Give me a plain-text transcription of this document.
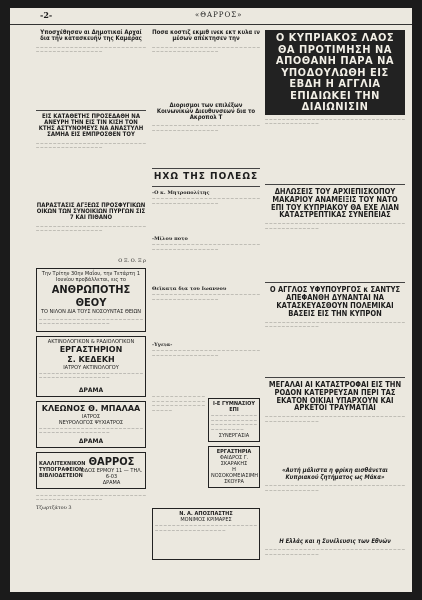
-2-	«ΘΑΡΡΟΣ»
Υποσχέθησαν αι Δημοτικαί Αρχαί δια την κατασκευήν της Καμαρας
— — — — — — — — — — — — — — — — — — — — — — — — — — — — — — — — — — — — — — — — — —
ΕΙΣ ΚΑΤΑΘΕΤΗΣ ΠΡΟΣΕΔΑΘΗ ΝΑ ΑΝΕΥΡΗ ΤΗΝ ΕΙΣ ΤΙΝ ΚΙΣΗ ΤΟΝ ΚΤΗΣ ΑΣΤΥΝΟΜΕΥΣ ΝΑ ΑΝΑΣΤΥΛΗ ΣΑΜΗΑ ΕΙΣ ΕΜΠΡΟΣΘΕΝ ΤΟΥ
— — — — — — — — — — — — — — — — — — — — — — — — — — — — — — — — — — — — — — — — — —
ΠΑΡΑΣΤΑΣΙΣ ΑΓΞΕΩΣ ΠΡΟΣΦΥΓΙΚΩΝ ΟΙΚΩΝ ΤΩΝ ΣΥΝΟΙΚΙΩΝ ΠΥΡΓΩΝ ΣΙΣ 7 ΚΑΙ ΠΙΘΑΝΟ
— — — — — — — — — — — — — — — — — — — — — — — — — — — — — — — — — — — — — — — — — —
Ο Ξ. Ο. Ξ ρ
Την Τρίτην 30ην Μαΐου, την Τετάρτη 1 Ιουνίου προβάλλεται, εις το
ΑΝΘΡΩΠΟΤΗΣ ΘΕΟΥ
ΤΟ ΝΙΛΟΝ ΔΙΑ ΤΟΥΣ ΝΟΣΟΥΝΤΑΣ ΘΕΙΩΝ
— — — — — — — — — — — — — — — — — — — — — — — — — — — — — — — — — — — — — — — — — —
ΑΚΤΙΝΟΛΟΓΙΚΟΝ & ΡΑΔΙΟΛΟΓΙΚΟΝ
ΕΡΓΑΣΤΗΡΙΟΝ
Σ. ΚΕΔΕΚΗ
ΙΑΤΡΟΥ ΑΚΤΙΝΟΛΟΓΟΥ
— — — — — — — — — — — — — — — — — — — — — — — — — — — — — — — — — — — — — — — — — —
ΔΡΑΜΑ
ΚΛΕΩΝΟΣ Θ. ΜΠΑΛΑΑ
ΙΑΤΡΟΣ
ΝΕΥΡΟΛΟΓΟΣ ΨΥΧΙΑΤΡΟΣ
— — — — — — — — — — — — — — — — — — — — — — — — — — — — — — — — — — — — — — — — — —
ΔΡΑΜΑ
ΚΑΛΛΙΤΕΧΝΙΚΟΝ ΤΥΠΟΓΡΑΦΕΙΟΝ ΒΙΒΛΙΟΔΕΤΕΙΟΝ
ΘΑΡΡΟΣ
ΟΔΟΣ ΕΡΜΟΥ 11 — ΤΗΛ. 6-03
ΔΡΑΜΑ
— — — — — — — — — — — — — — — — — — — — — — — — — — — — — — — — — — — — — — — — — —
Τζωρτζάτου 3
Ποσα κοστιζ εκμιθ ινεκ εκτ κυλα ιν μέσων απέκτησεν την
— — — — — — — — — — — — — — — — — — — — — — — — — — — — — — — — — — — — — — — — —
Διορισμοι των επιλέξων Κοινωνικών Διευθυνσεων δια το Ακροπολ Τ
— — — — — — — — — — — — — — — — — — — — — — — — — — — — — — — — — — — — — — — — —
ΗΧΩ ΤΗΣ ΠΟΛΕΩΣ
-Ο κ. Μητροπολίτης
— — — — — — — — — — — — — — — — — — — — — — — — — — — — — — — — — — — — — — — — —
-Μίλου ποτο
— — — — — — — — — — — — — — — — — — — — — — — — — — — — — — — — — — — — — — — — —
Θεϊκατα δια του Ιωαννου
— — — — — — — — — — — — — — — — — — — — — — — — — — — — — — — — — — — — — — — — —
-Υγεια-
— — — — — — — — — — — — — — — — — — — — — — — — — — — — — — — — — — — — — — — — —
— — — — — — — — — — — — — — — — — — — — — — — — — — — — — — — — — — — — — — — — —
Ι-Ε ΓΥΜΝΑΣΙΟΥ ΕΠΙ
— — — — — — — — — — — — — — — — — — — — — — — — — — — — — — — — — — — — — — — — —
ΣΥΝΕΡΓΑΣΙΑ
ΕΡΓΑΣΤΗΡΙΑ
ΦΑΙΔΡΟΣ Γ. ΣΚΑΡΑΚΗΣ
Η ΝΟΣΟΚΟΜΕΙΑΣΙΜΗ ΣΚΟΥΡΑ
Ν. Α. ΑΠΟΣΠΑΣΤΗΣ
ΜΟΝΙΜΟΣ ΚΡΙΜΑΡΕΣ
— — — — — — — — — — — — — — — — — — — — — — — — — — — — — — — — — — — — — — — — —
Ο ΚΥΠΡΙΑΚΟΣ ΛΑΟΣ ΘΑ ΠΡΟΤΙΜΗΣΗ ΝΑ ΑΠΟΘΑΝΗ ΠΑΡΑ ΝΑ ΥΠΟΔΟΥΛΩΘΗ ΕΙΣ ΕΒΔΗ Η ΑΓΓΛΙΑ ΕΠΙΔΙΩΚΕΙ ΤΗΝ ΔΙΑΙΩΝΙΣΙΝ
— — — — — — — — — — — — — — — — — — — — — — — — — — — — — — — — — — — — — — — — — — — — — —
ΔΗΛΩΣΕΙΣ ΤΟΥ ΑΡΧΙΕΠΙΣΚΟΠΟΥ ΜΑΚΑΡΙΟΥ ΑΝΑΜΕΙΞΙΣ ΤΟΥ ΝΑΤΟ ΕΠΙ ΤΟΥ ΚΥΠΡΙΑΚΟΥ ΘΑ ΕΧΕ ΛΙΑΝ ΚΑΤΑΣΤΡΕΠΤΙΚΑΣ ΣΥΝΕΠΕΙΑΣ
— — — — — — — — — — — — — — — — — — — — — — — — — — — — — — — — — — — — — — — — — — — — — —
Ο ΑΓΓΛΟΣ ΥΦΥΠΟΥΡΓΟΣ κ ΣΑΝΤΥΣ ΑΠΕΦΑΝΘΗ ΔΥΝΑΝΤΑΙ ΝΑ ΚΑΤΑΣΚΕΥΑΣΘΟΥΝ ΠΟΛΕΜΙΚΑΙ ΒΑΣΕΙΣ ΕΙΣ ΤΗΝ ΚΥΠΡΟΝ
— — — — — — — — — — — — — — — — — — — — — — — — — — — — — — — — — — — — — — — — — — — — — —
ΜΕΓΑΛΑΙ ΑΙ ΚΑΤΑΣΤΡΟΦΑΙ ΕΙΣ ΤΗΝ ΡΟΔΟΝ ΚΑΤΕΡΡΕΥΣΑΝ ΠΕΡΙ ΤΑΣ ΕΚΑΤΟΝ ΟΙΚΙΑΙ ΥΠΑΡΧΟΥΝ ΚΑΙ ΑΡΚΕΤΟΙ ΤΡΑΥΜΑΤΙΑΙ
— — — — — — — — — — — — — — — — — — — — — — — — — — — — — — — — — — — — — — — — — — — — — —
«Αυτή μάλιστα η φρίκη αισθάνεται Κυπριακού ζητήματος ως Μάκα»
— — — — — — — — — — — — — — — — — — — — — — — — — — — — — — — — — — — — — — — — — — — — — —
Η Ελλάς και η Συνέλευσις των Εθνών
— — — — — — — — — — — — — — — — — — — — — — — — — — — — — — — — — — — — — — — — — — — — — —
